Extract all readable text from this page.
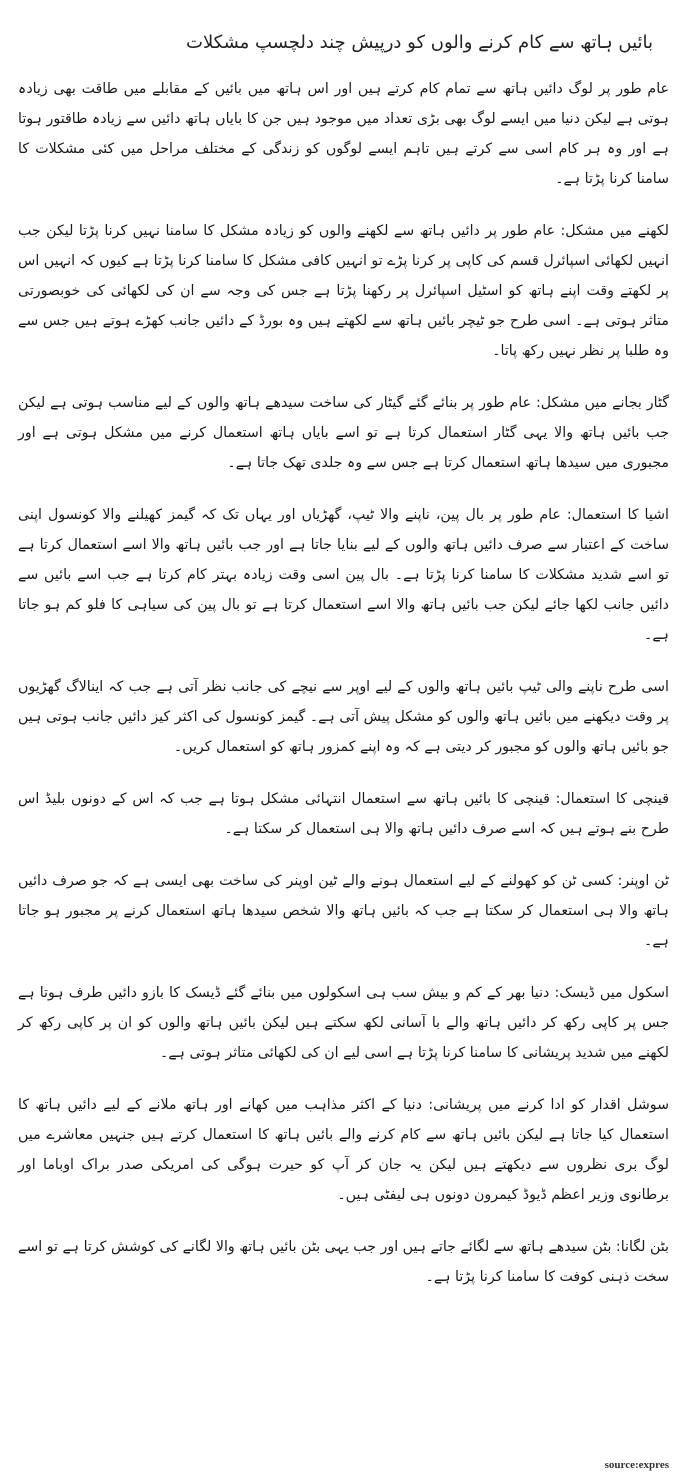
بائیں ہاتھ سے کام کرنے والوں کو درپیش چند دلچسپ مشکلات

عام طور پر لوگ دائیں ہاتھ سے تمام کام کرتے ہیں اور اس ہاتھ میں بائیں کے مقابلے میں طاقت بھی زیادہ ہوتی ہے لیکن دنیا میں ایسے لوگ بھی بڑی تعداد میں موجود ہیں جن کا بایاں ہاتھ دائیں سے زیادہ طاقتور ہوتا ہے اور وہ ہر کام اسی سے کرتے ہیں تاہم ایسے لوگوں کو زندگی کے مختلف مراحل میں کئی مشکلات کا سامنا کرنا پڑتا ہے۔

لکھنے میں مشکل: عام طور پر دائیں ہاتھ سے لکھنے والوں کو زیادہ مشکل کا سامنا نہیں کرنا پڑتا لیکن جب انہیں لکھائی اسپائرل قسم کی کاپی پر کرنا پڑے تو انہیں کافی مشکل کا سامنا کرنا پڑتا ہے کیوں کہ انہیں اس پر لکھتے وقت اپنے ہاتھ کو اسٹیل اسپائرل پر رکھنا پڑتا ہے جس کی وجہ سے ان کی لکھائی کی خوبصورتی متاثر ہوتی ہے۔ اسی طرح جو ٹیچر بائیں ہاتھ سے لکھتے ہیں وہ بورڈ کے دائیں جانب کھڑے ہوتے ہیں جس سے وہ طلبا پر نظر نہیں رکھ پاتا۔

گٹار بجانے میں مشکل: عام طور پر بنائے گئے گیٹار کی ساخت سیدھے ہاتھ والوں کے لیے مناسب ہوتی ہے لیکن جب بائیں ہاتھ والا یہی گٹار استعمال کرتا ہے تو اسے بایاں ہاتھ استعمال کرنے میں مشکل ہوتی ہے اور مجبوری میں سیدھا ہاتھ استعمال کرتا ہے جس سے وہ جلدی تھک جاتا ہے۔

اشیا کا استعمال: عام طور پر بال پین، ناپنے والا ٹیپ، گھڑیاں اور یہاں تک کہ گیمز کھیلنے والا کونسول اپنی ساخت کے اعتبار سے صرف دائیں ہاتھ والوں کے لیے بنایا جاتا ہے اور جب بائیں ہاتھ والا اسے استعمال کرتا ہے تو اسے شدید مشکلات کا سامنا کرنا پڑتا ہے۔ بال پین اسی وقت زیادہ بہتر کام کرتا ہے جب اسے بائیں سے دائیں جانب لکھا جائے لیکن جب بائیں ہاتھ والا اسے استعمال کرتا ہے تو بال پین کی سیاہی کا فلو کم ہو جاتا ہے۔

اسی طرح ناپنے والی ٹیپ بائیں ہاتھ والوں کے لیے اوپر سے نیچے کی جانب نظر آتی ہے جب کہ اینالاگ گھڑیوں پر وقت دیکھنے میں بائیں ہاتھ والوں کو مشکل پیش آتی ہے۔ گیمز کونسول کی اکثر کیز دائیں جانب ہوتی ہیں جو بائیں ہاتھ والوں کو مجبور کر دیتی ہے کہ وہ اپنے کمزور ہاتھ کو استعمال کریں۔

قینچی کا استعمال: قینچی کا بائیں ہاتھ سے استعمال انتہائی مشکل ہوتا ہے جب کہ اس کے دونوں بلیڈ اس طرح بنے ہوتے ہیں کہ اسے صرف دائیں ہاتھ والا ہی استعمال کر سکتا ہے۔

ٹن اوپنر: کسی ٹن کو کھولنے کے لیے استعمال ہونے والے ٹین اوپنر کی ساخت بھی ایسی ہے کہ جو صرف دائیں ہاتھ والا ہی استعمال کر سکتا ہے جب کہ بائیں ہاتھ والا شخص سیدھا ہاتھ استعمال کرنے پر مجبور ہو جاتا ہے۔

اسکول میں ڈیسک: دنیا بھر کے کم و بیش سب ہی اسکولوں میں بنائے گئے ڈیسک کا بازو دائیں طرف ہوتا ہے جس پر کاپی رکھ کر دائیں ہاتھ والے با آسانی لکھ سکتے ہیں لیکن بائیں ہاتھ والوں کو ان پر کاپی رکھ کر لکھنے میں شدید پریشانی کا سامنا کرنا پڑتا ہے اسی لیے ان کی لکھائی متاثر ہوتی ہے۔

سوشل اقدار کو ادا کرنے میں پریشانی: دنیا کے اکثر مذاہب میں کھانے اور ہاتھ ملانے کے لیے دائیں ہاتھ کا استعمال کیا جاتا ہے لیکن بائیں ہاتھ سے کام کرنے والے بائیں ہاتھ کا استعمال کرتے ہیں جنہیں معاشرے میں لوگ بری نظروں سے دیکھتے ہیں لیکن یہ جان کر آپ کو حیرت ہوگی کی امریکی صدر براک اوباما اور برطانوی وزیر اعظم ڈیوڈ کیمرون دونوں ہی لیفٹی ہیں۔

بٹن لگانا: بٹن سیدھے ہاتھ سے لگائے جاتے ہیں اور جب یہی بٹن بائیں ہاتھ والا لگانے کی کوشش کرتا ہے تو اسے سخت ذہنی کوفت کا سامنا کرنا پڑتا ہے۔

source:expres
